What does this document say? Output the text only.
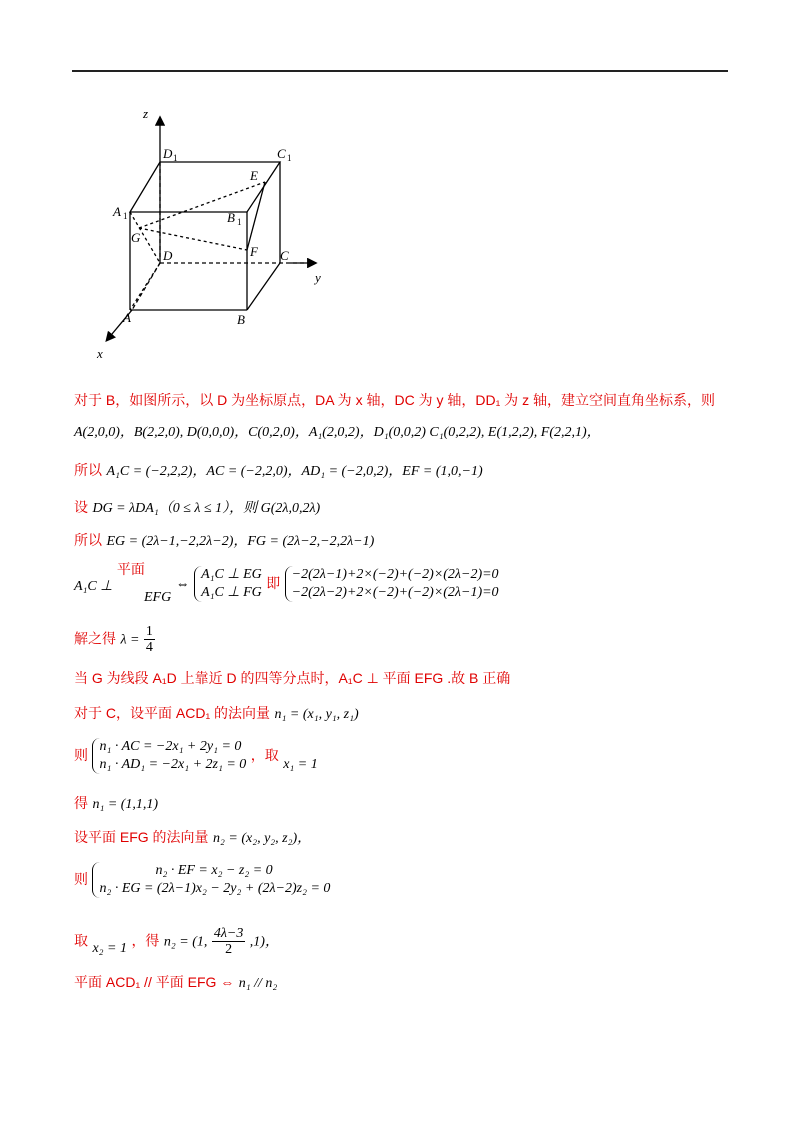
z
y
x
D 1	C 1
A 1	B 1
E
F
G
D	C
A	B
对于 B，如图所示，以 D 为坐标原点，DA 为 x 轴，DC 为 y 轴，DD₁ 为 z 轴，建立空间直角坐标系，则
A(2,0,0)，B(2,2,0), D(0,0,0)，C(0,2,0)，A₁(2,0,2)，D₁(0,0,2) C₁(0,2,2), E(1,2,2), F(2,2,1)，
所以 A₁C = (−2,2,2)，AC = (−2,2,0)，AD₁ = (−2,0,2)，EF = (1,0,−1)
设 DG = λDA₁（0 ≤ λ ≤ 1），则 G(2λ,0,2λ)
所以 EG = (2λ−1,−2,2λ−2)，FG = (2λ−2,−2,2λ−1)
A₁C ⊥ 平面
EFG ⇔ A₁C ⊥ EG
A₁C ⊥ FG 即 −2(2λ−1)+2×(−2)+(−2)×(2λ−2)=0
−2(2λ−2)+2×(−2)+(−2)×(2λ−1)=0
解之得 $\lambda = \frac{1}{4}$
当 G 为线段 A₁D 上靠近 D 的四等分点时，A₁C ⊥ 平面 EFG .故 B 正确
对于 C，设平面 ACD₁ 的法向量 n₁ = (x₁, y₁, z₁)
则 n₁ · AC = −2x₁ + 2y₁ = 0
n₁ · AD₁ = −2x₁ + 2z₁ = 0 ，取 x₁ = 1
得 n₁ = (1,1,1)
设平面 EFG 的法向量 n₂ = (x₂, y₂, z₂)，
则 n₂ · EF = x₂ − z₂ = 0
n₂ · EG = (2λ−1)x₂ − 2y₂ + (2λ−2)z₂ = 0
取 x₂ = 1 ，得 n₂ = (1, $\frac{4\lambda-3}{2} ,1$)，
平面 ACD₁ // 平面 EFG ⇔ n₁ // n₂
